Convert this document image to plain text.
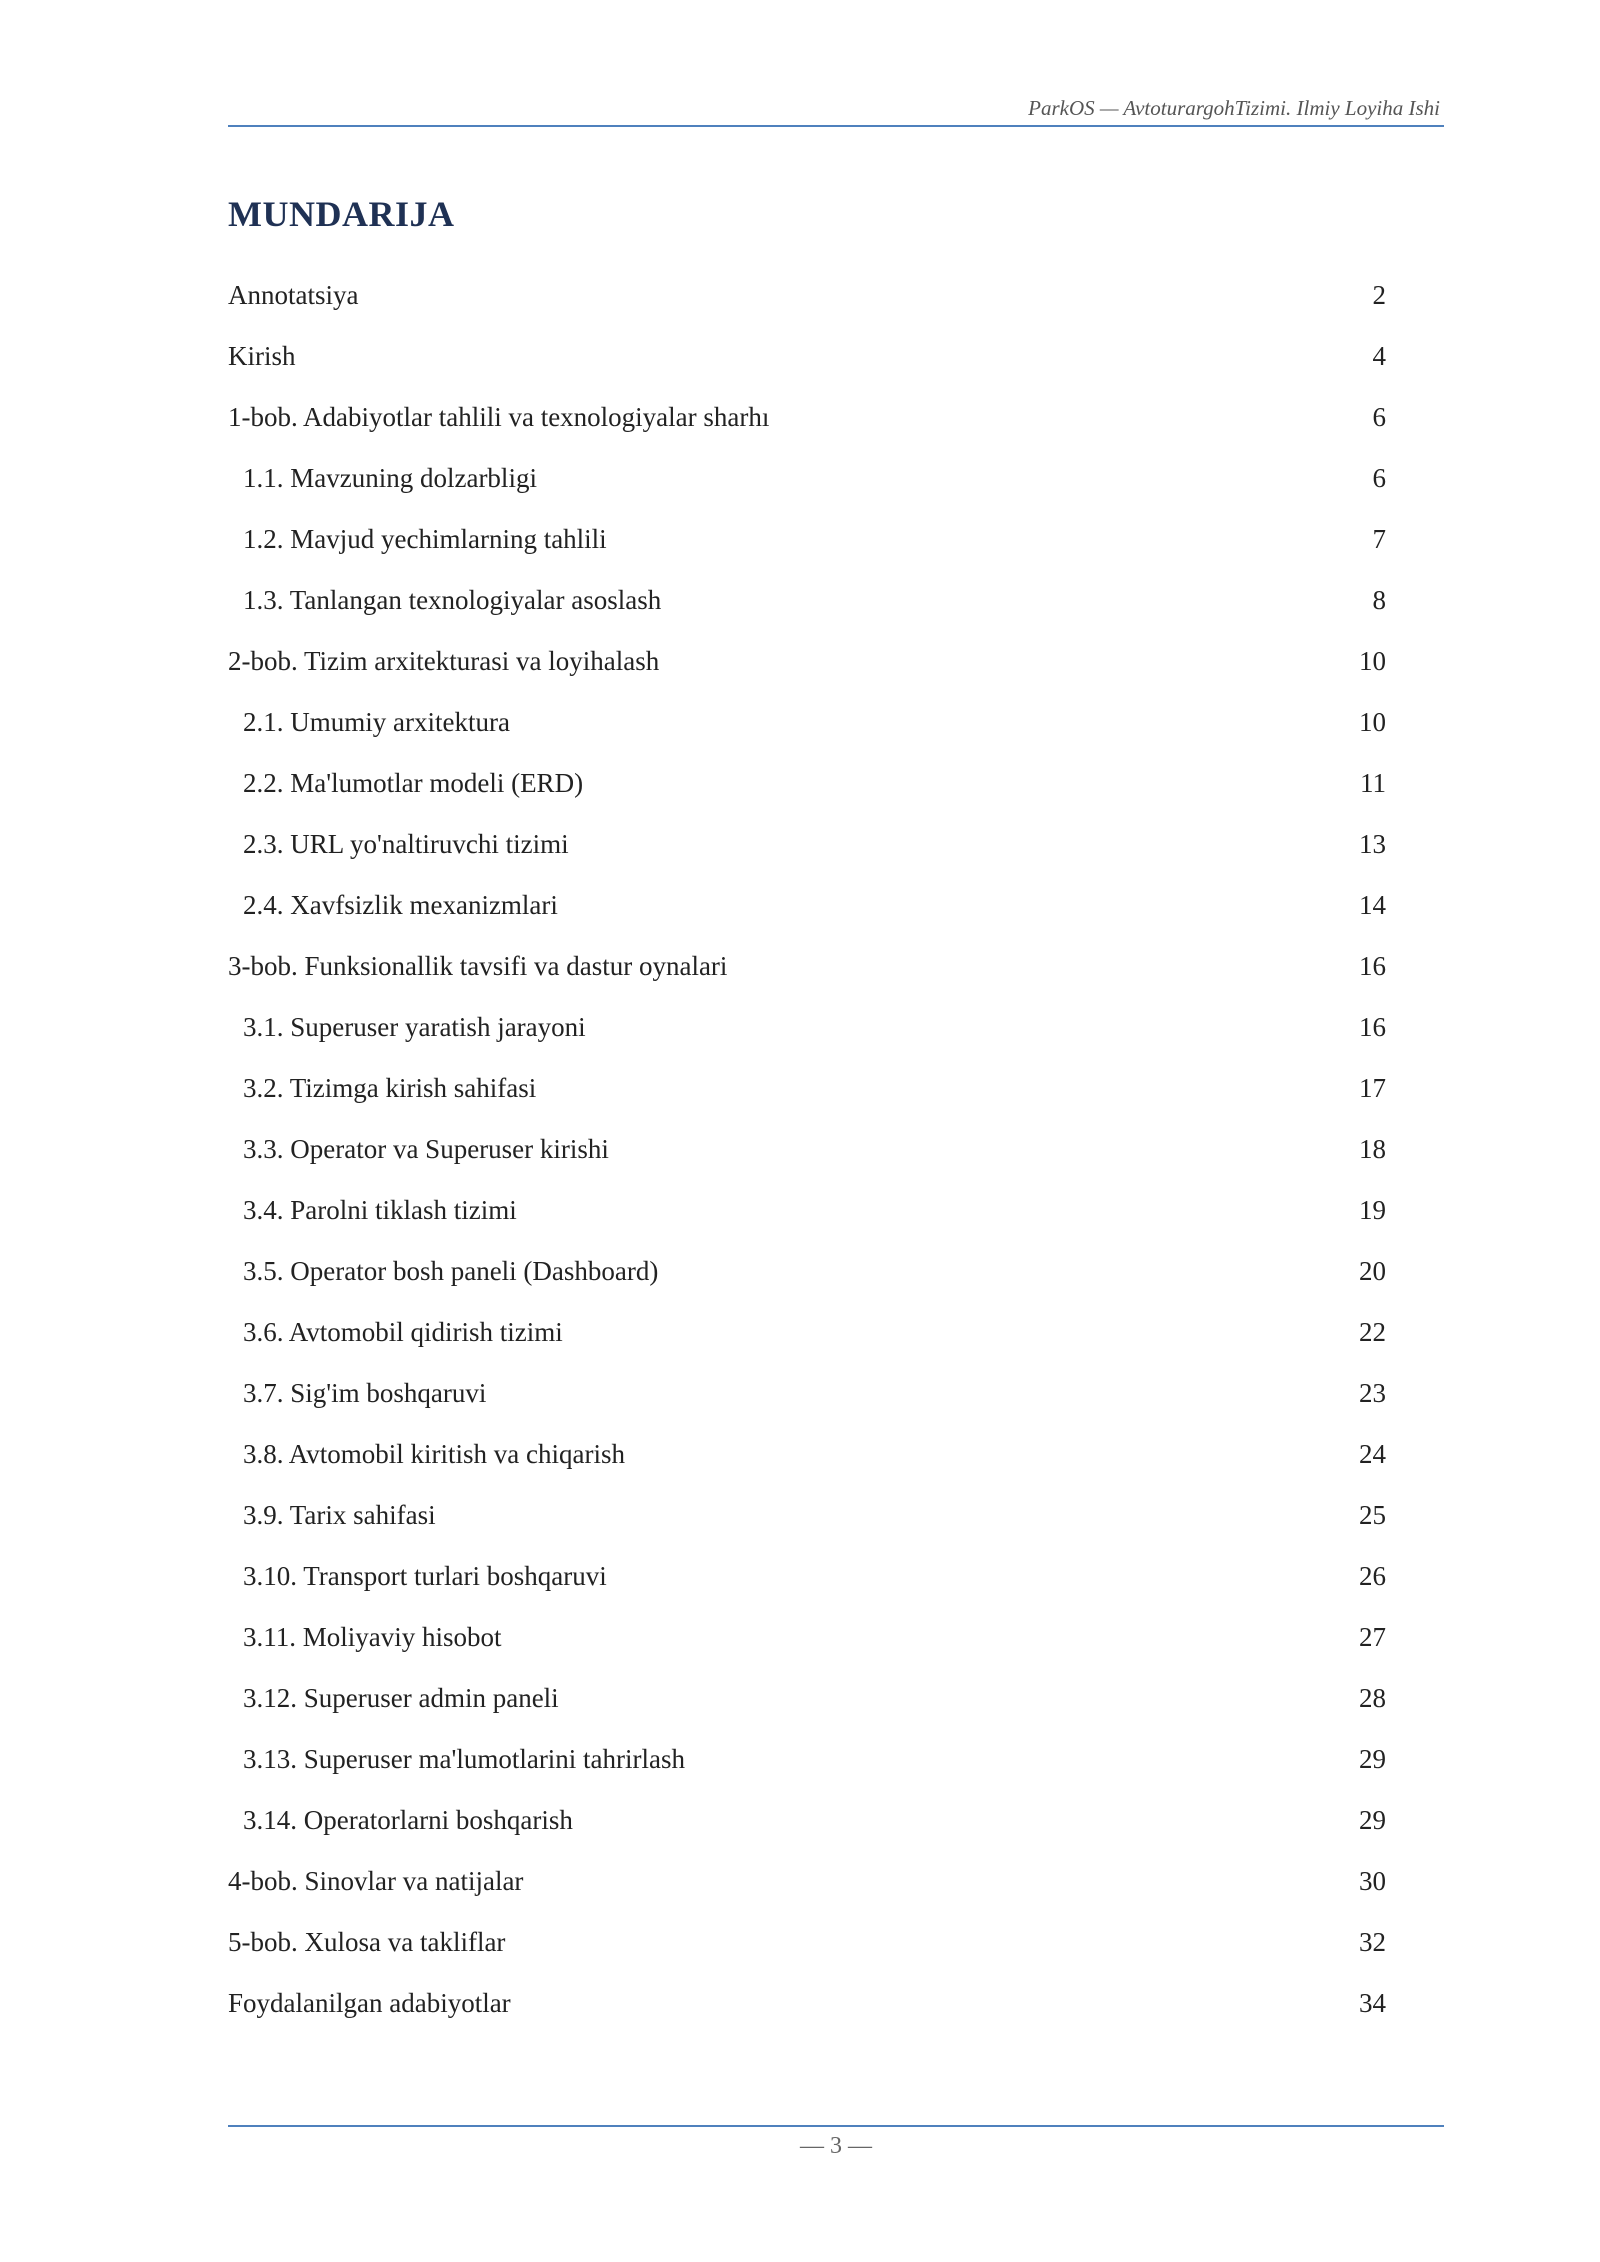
ParkOS — AvtoturargohTizimi. Ilmiy Loyiha Ishi
MUNDARIJA
Annotatsiya	2
Kirish	4
1-bob. Adabiyotlar tahlili va texnologiyalar sharhı	6
1.1. Mavzuning dolzarbligi	6
1.2. Mavjud yechimlarning tahlili	7
1.3. Tanlangan texnologiyalar asoslash	8
2-bob. Tizim arxitekturasi va loyihalash	10
2.1. Umumiy arxitektura	10
2.2. Ma'lumotlar modeli (ERD)	11
2.3. URL yo'naltiruvchi tizimi	13
2.4. Xavfsizlik mexanizmlari	14
3-bob. Funksionallik tavsifi va dastur oynalari	16
3.1. Superuser yaratish jarayoni	16
3.2. Tizimga kirish sahifasi	17
3.3. Operator va Superuser kirishi	18
3.4. Parolni tiklash tizimi	19
3.5. Operator bosh paneli (Dashboard)	20
3.6. Avtomobil qidirish tizimi	22
3.7. Sig'im boshqaruvi	23
3.8. Avtomobil kiritish va chiqarish	24
3.9. Tarix sahifasi	25
3.10. Transport turlari boshqaruvi	26
3.11. Moliyaviy hisobot	27
3.12. Superuser admin paneli	28
3.13. Superuser ma'lumotlarini tahrirlash	29
3.14. Operatorlarni boshqarish	29
4-bob. Sinovlar va natijalar	30
5-bob. Xulosa va takliflar	32
Foydalanilgan adabiyotlar	34
— 3 —
